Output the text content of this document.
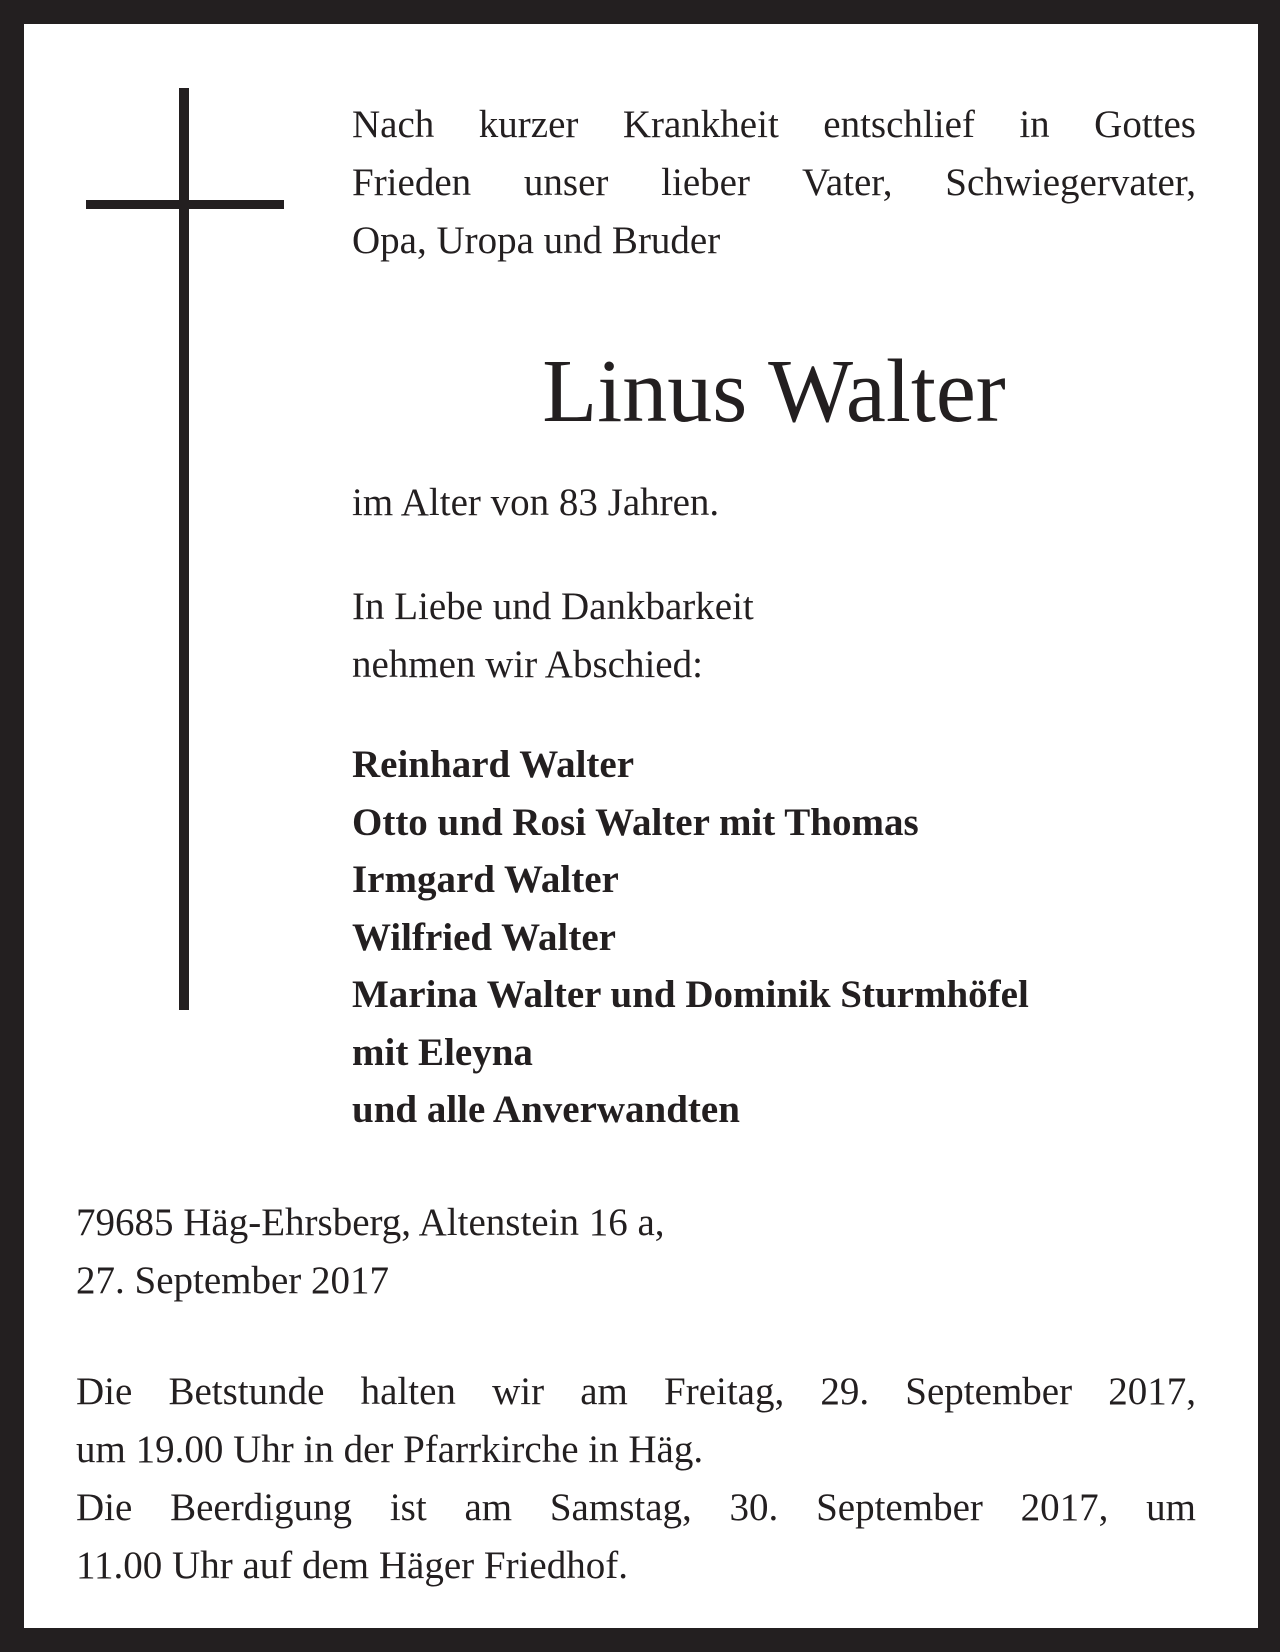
Nach kurzer Krankheit entschlief in Gottes
Frieden unser lieber Vater, Schwiegervater,
Opa, Uropa und Bruder

Linus Walter

im Alter von 83 Jahren.

In Liebe und Dankbarkeit
nehmen wir Abschied:

Reinhard Walter
Otto und Rosi Walter mit Thomas
Irmgard Walter
Wilfried Walter
Marina Walter und Dominik Sturmhöfel
mit Eleyna
und alle Anverwandten

79685 Häg-Ehrsberg, Altenstein 16 a,
27. September 2017

Die Betstunde halten wir am Freitag, 29. September 2017,
um 19.00 Uhr in der Pfarrkirche in Häg.
Die Beerdigung ist am Samstag, 30. September 2017, um
11.00 Uhr auf dem Häger Friedhof.
